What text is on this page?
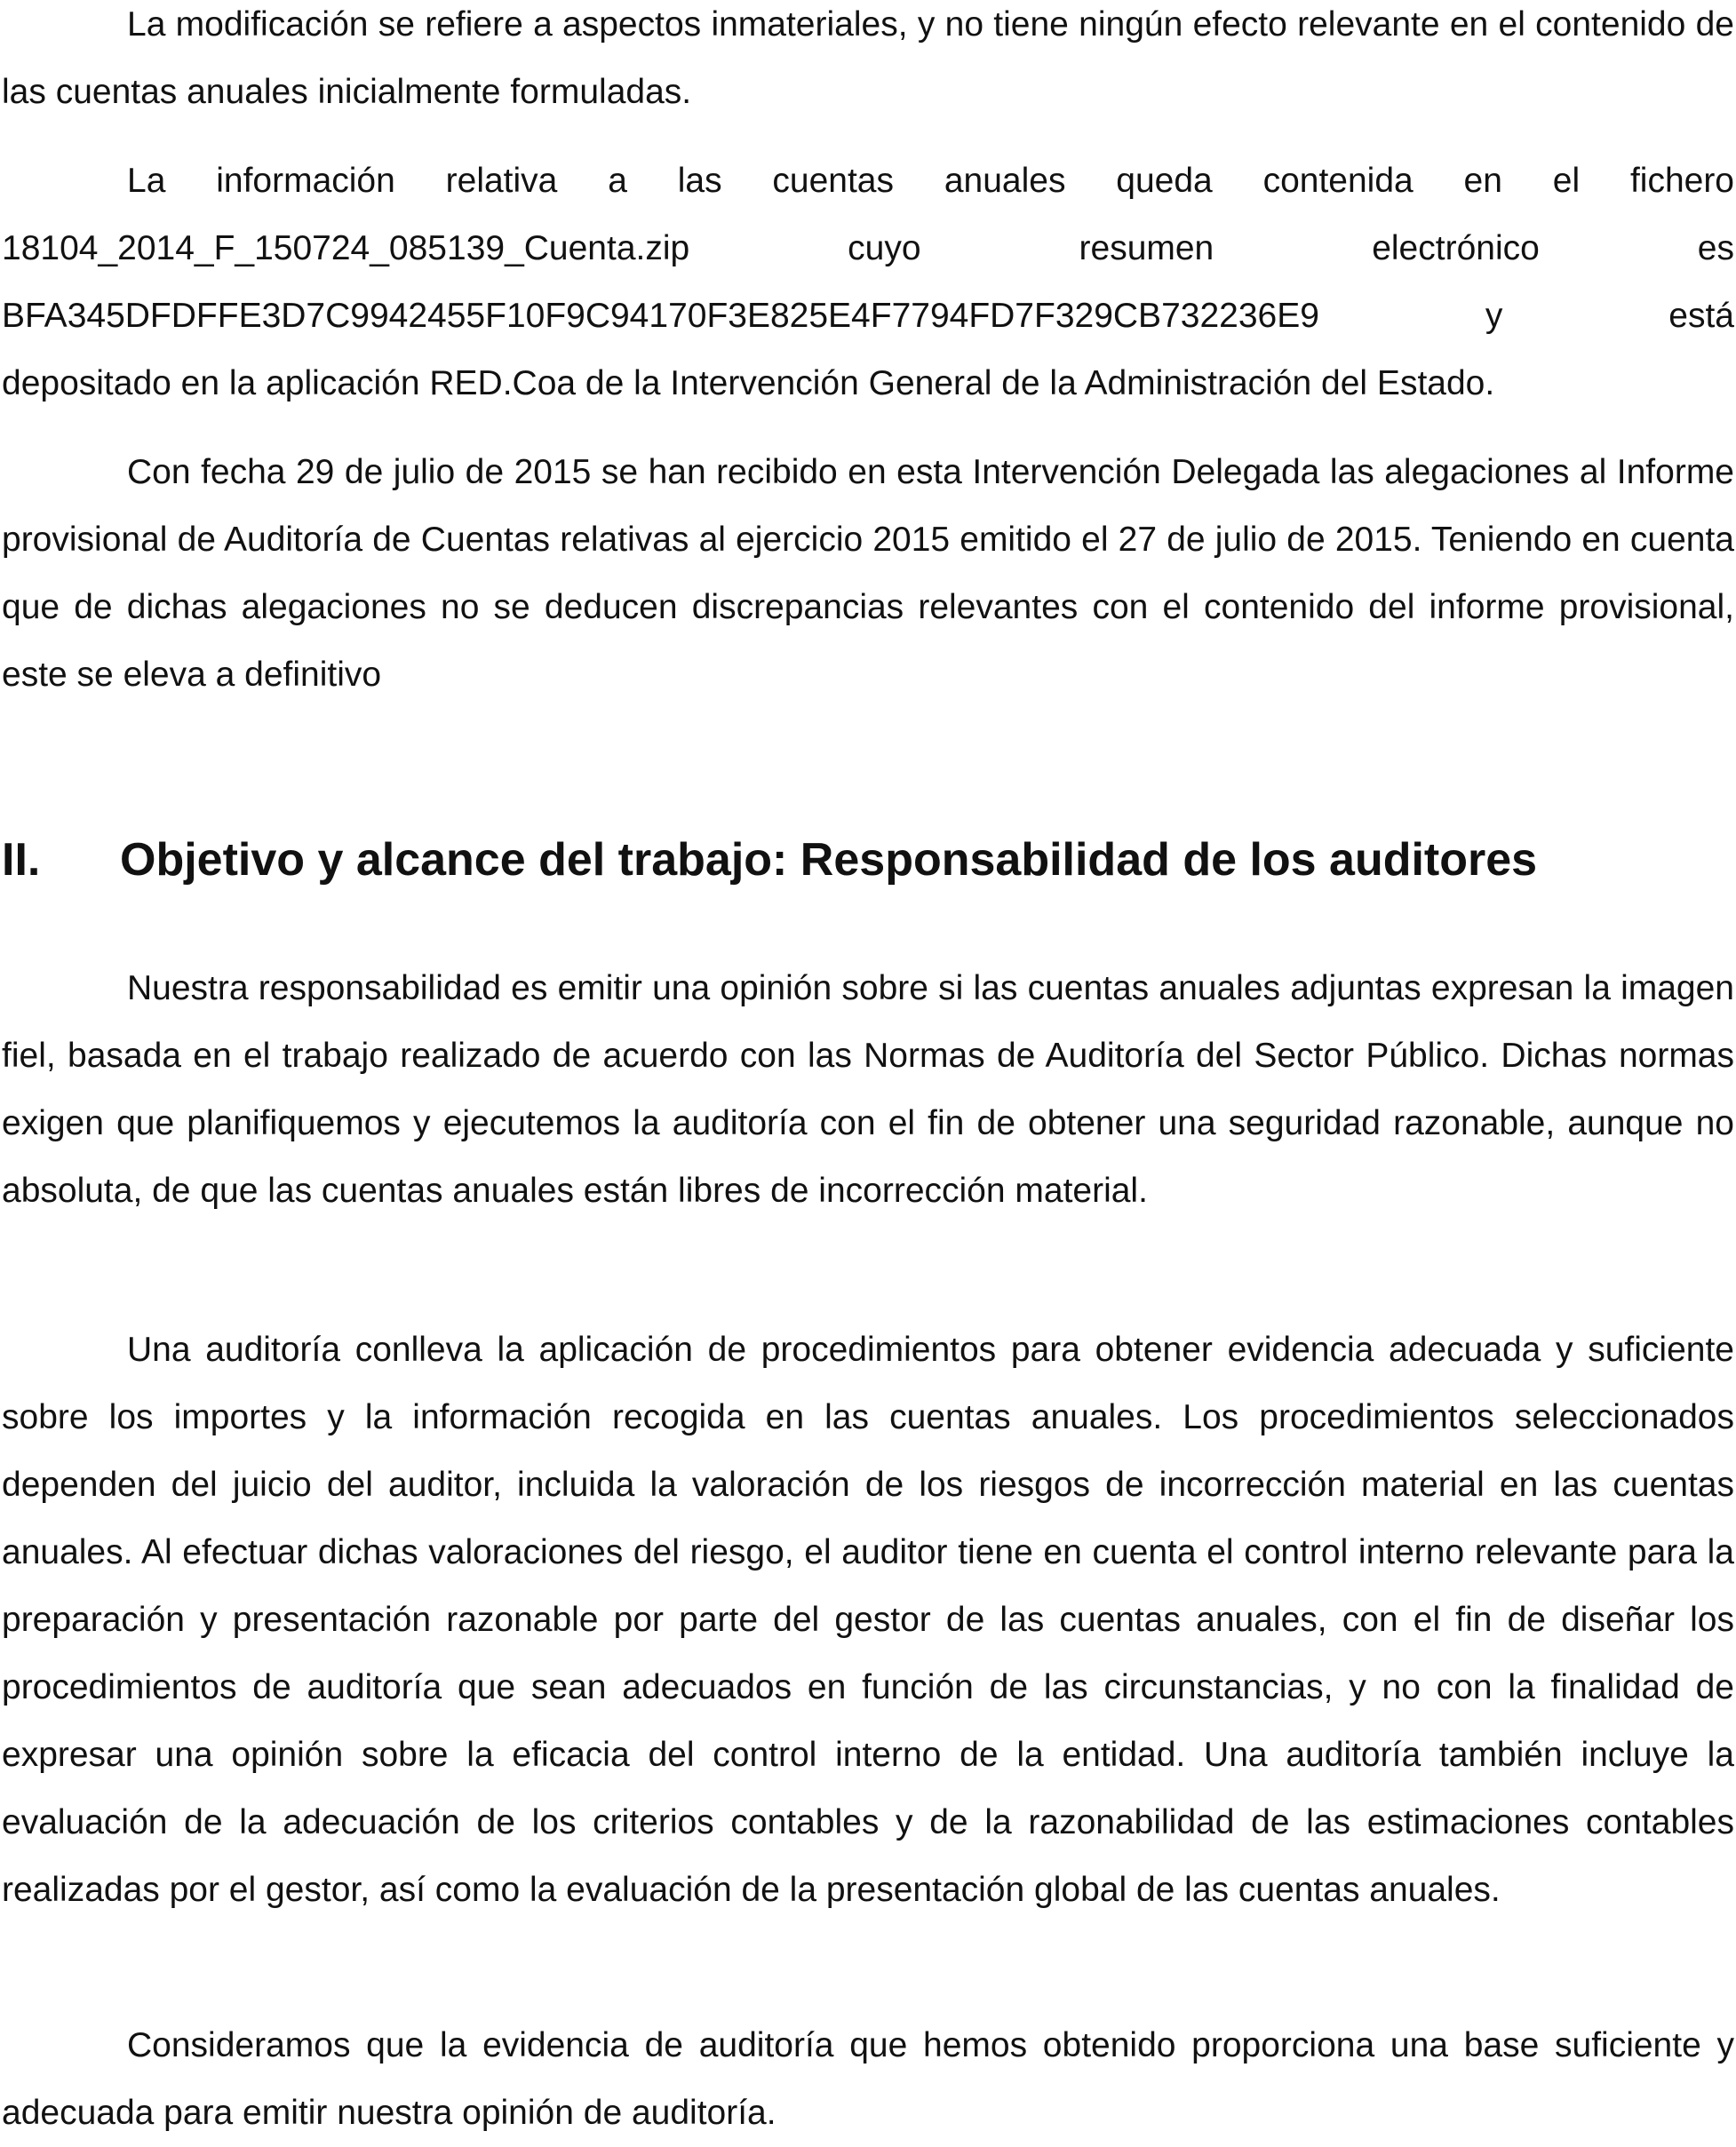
La modificación se refiere a aspectos inmateriales, y no tiene ningún efecto relevante en el contenido de las cuentas anuales inicialmente formuladas.

La información relativa a las cuentas anuales queda contenida en el fichero
18104_2014_F_150724_085139_Cuenta.zip	cuyo	resumen	electrónico	es
BFA345DFDFFE3D7C9942455F10F9C94170F3E825E4F7794FD7F329CB732236E9	y	está
depositado en la aplicación RED.Coa de la Intervención General de la Administración del Estado.

Con fecha 29 de julio de 2015 se han recibido en esta Intervención Delegada las alegaciones al Informe provisional de Auditoría de Cuentas relativas al ejercicio 2015 emitido el 27 de julio de 2015. Teniendo en cuenta que de dichas alegaciones no se deducen discrepancias relevantes con el contenido del informe provisional, este se eleva a definitivo

II. Objetivo y alcance del trabajo: Responsabilidad de los auditores

Nuestra responsabilidad es emitir una opinión sobre si las cuentas anuales adjuntas expresan la imagen fiel, basada en el trabajo realizado de acuerdo con las Normas de Auditoría del Sector Público. Dichas normas exigen que planifiquemos y ejecutemos la auditoría con el fin de obtener una seguridad razonable, aunque no absoluta, de que las cuentas anuales están libres de incorrección material.

Una auditoría conlleva la aplicación de procedimientos para obtener evidencia adecuada y suficiente sobre los importes y la información recogida en las cuentas anuales. Los procedimientos seleccionados dependen del juicio del auditor, incluida la valoración de los riesgos de incorrección material en las cuentas anuales. Al efectuar dichas valoraciones del riesgo, el auditor tiene en cuenta el control interno relevante para la preparación y presentación razonable por parte del gestor de las cuentas anuales, con el fin de diseñar los procedimientos de auditoría que sean adecuados en función de las circunstancias, y no con la finalidad de expresar una opinión sobre la eficacia del control interno de la entidad. Una auditoría también incluye la evaluación de la adecuación de los criterios contables y de la razonabilidad de las estimaciones contables realizadas por el gestor, así como la evaluación de la presentación global de las cuentas anuales.

Consideramos que la evidencia de auditoría que hemos obtenido proporciona una base suficiente y adecuada para emitir nuestra opinión de auditoría.
